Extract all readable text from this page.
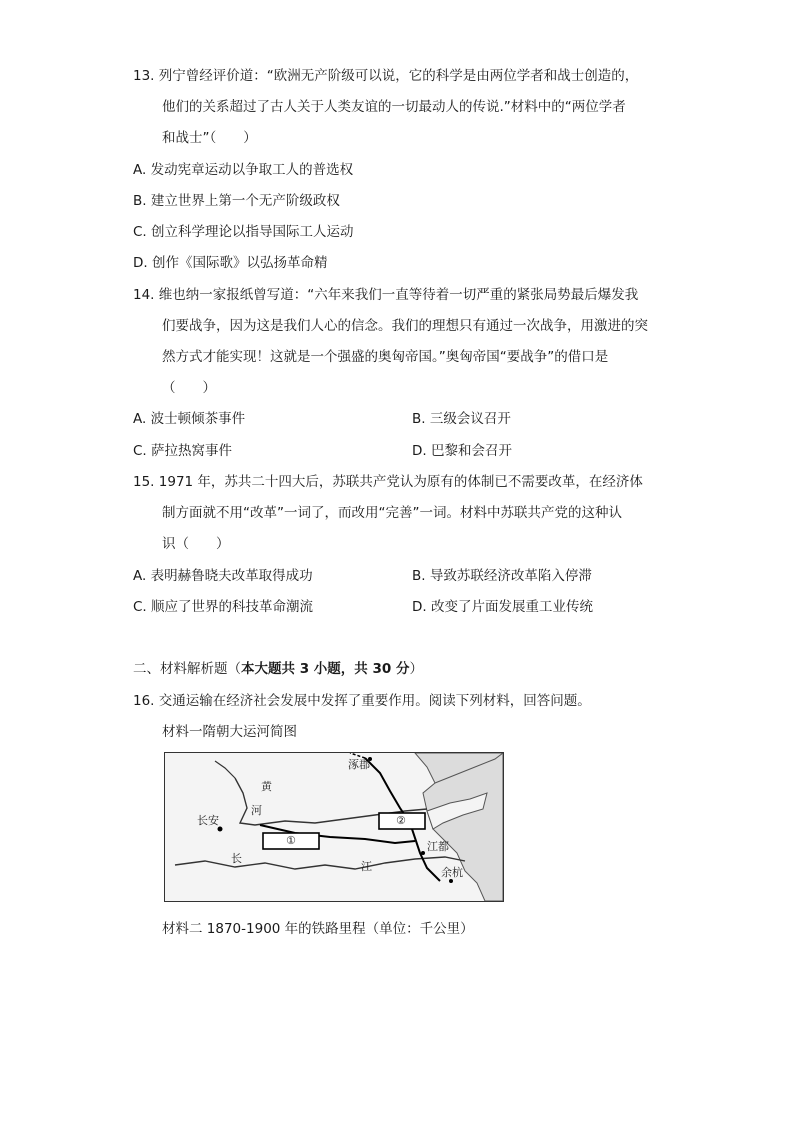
13. 列宁曾经评价道：“欧洲无产阶级可以说，它的科学是由两位学者和战士创造的，
他们的关系超过了古人关于人类友谊的一切最动人的传说.”材料中的“两位学者
和战士”（　　）
A. 发动宪章运动以争取工人的普选权
B. 建立世界上第一个无产阶级政权
C. 创立科学理论以指导国际工人运动
D. 创作《国际歌》以弘扬革命精
14. 维也纳一家报纸曾写道：“六年来我们一直等待着一切严重的紧张局势最后爆发我
们要战争，因为这是我们人心的信念。我们的理想只有通过一次战争，用激进的突
然方式才能实现！这就是一个强盛的奥匈帝国。”奥匈帝国“要战争”的借口是
（　　）
A. 波士顿倾茶事件	B. 三级会议召开
C. 萨拉热窝事件	D. 巴黎和会召开
15. 1971 年，苏共二十四大后，苏联共产党认为原有的体制已不需要改革，在经济体
制方面就不用“改革”一词了，而改用“完善”一词。材料中苏联共产党的这种认
识（　　）
A. 表明赫鲁晓夫改革取得成功	B. 导致苏联经济改革陷入停滞
C. 顺应了世界的科技革命潮流	D. 改变了片面发展重工业传统
二、材料解析题（本大题共 3 小题，共 30 分）
16. 交通运输在经济社会发展中发挥了重要作用。阅读下列材料，回答问题。
材料一隋朝大运河简图
涿郡
黄
河
长安
长
江
江都
余杭
①
②
材料二 1870-1900 年的铁路里程（单位：千公里）
